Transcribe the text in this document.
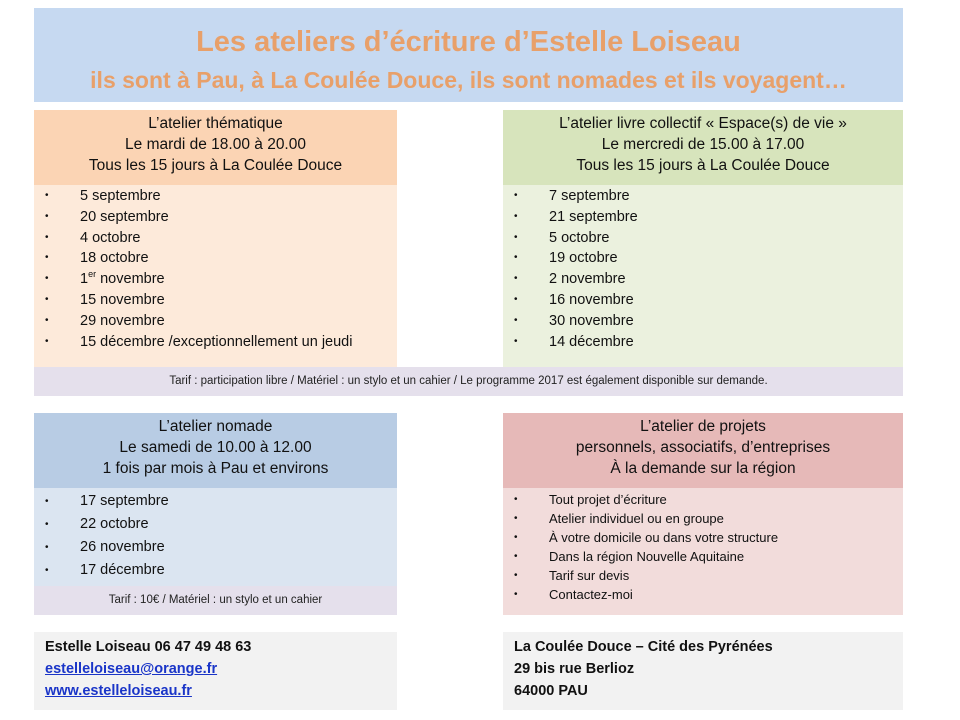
Les ateliers d’écriture d’Estelle Loiseau
ils sont à Pau, à La Coulée Douce, ils sont nomades et ils voyagent…
L’atelier thématique
Le mardi de 18.00 à 20.00
Tous les 15 jours à La Coulée Douce
• 5 septembre
• 20 septembre
• 4 octobre
• 18 octobre
• 1er novembre
• 15 novembre
• 29 novembre
• 15 décembre /exceptionnellement un jeudi
L’atelier livre collectif « Espace(s) de vie »
Le mercredi de 15.00 à 17.00
Tous les 15 jours à La Coulée Douce
• 7 septembre
• 21 septembre
• 5 octobre
• 19 octobre
• 2 novembre
• 16 novembre
• 30 novembre
• 14 décembre
Tarif : participation libre / Matériel : un stylo et un cahier / Le programme 2017 est également disponible sur demande.
L’atelier nomade
Le samedi de 10.00 à 12.00
1 fois par mois à Pau et environs
• 17 septembre
• 22 octobre
• 26 novembre
• 17 décembre
Tarif : 10€ / Matériel : un stylo et un cahier
L’atelier de projets
personnels, associatifs, d’entreprises
À la demande sur la région
• Tout projet d’écriture
• Atelier individuel ou en groupe
• À votre domicile ou dans votre structure
• Dans la région Nouvelle Aquitaine
• Tarif sur devis
• Contactez-moi
Estelle Loiseau 06 47 49 48 63
estelleloiseau@orange.fr
www.estelleloiseau.fr
La Coulée Douce – Cité des Pyrénées
29 bis rue Berlioz
64000 PAU
